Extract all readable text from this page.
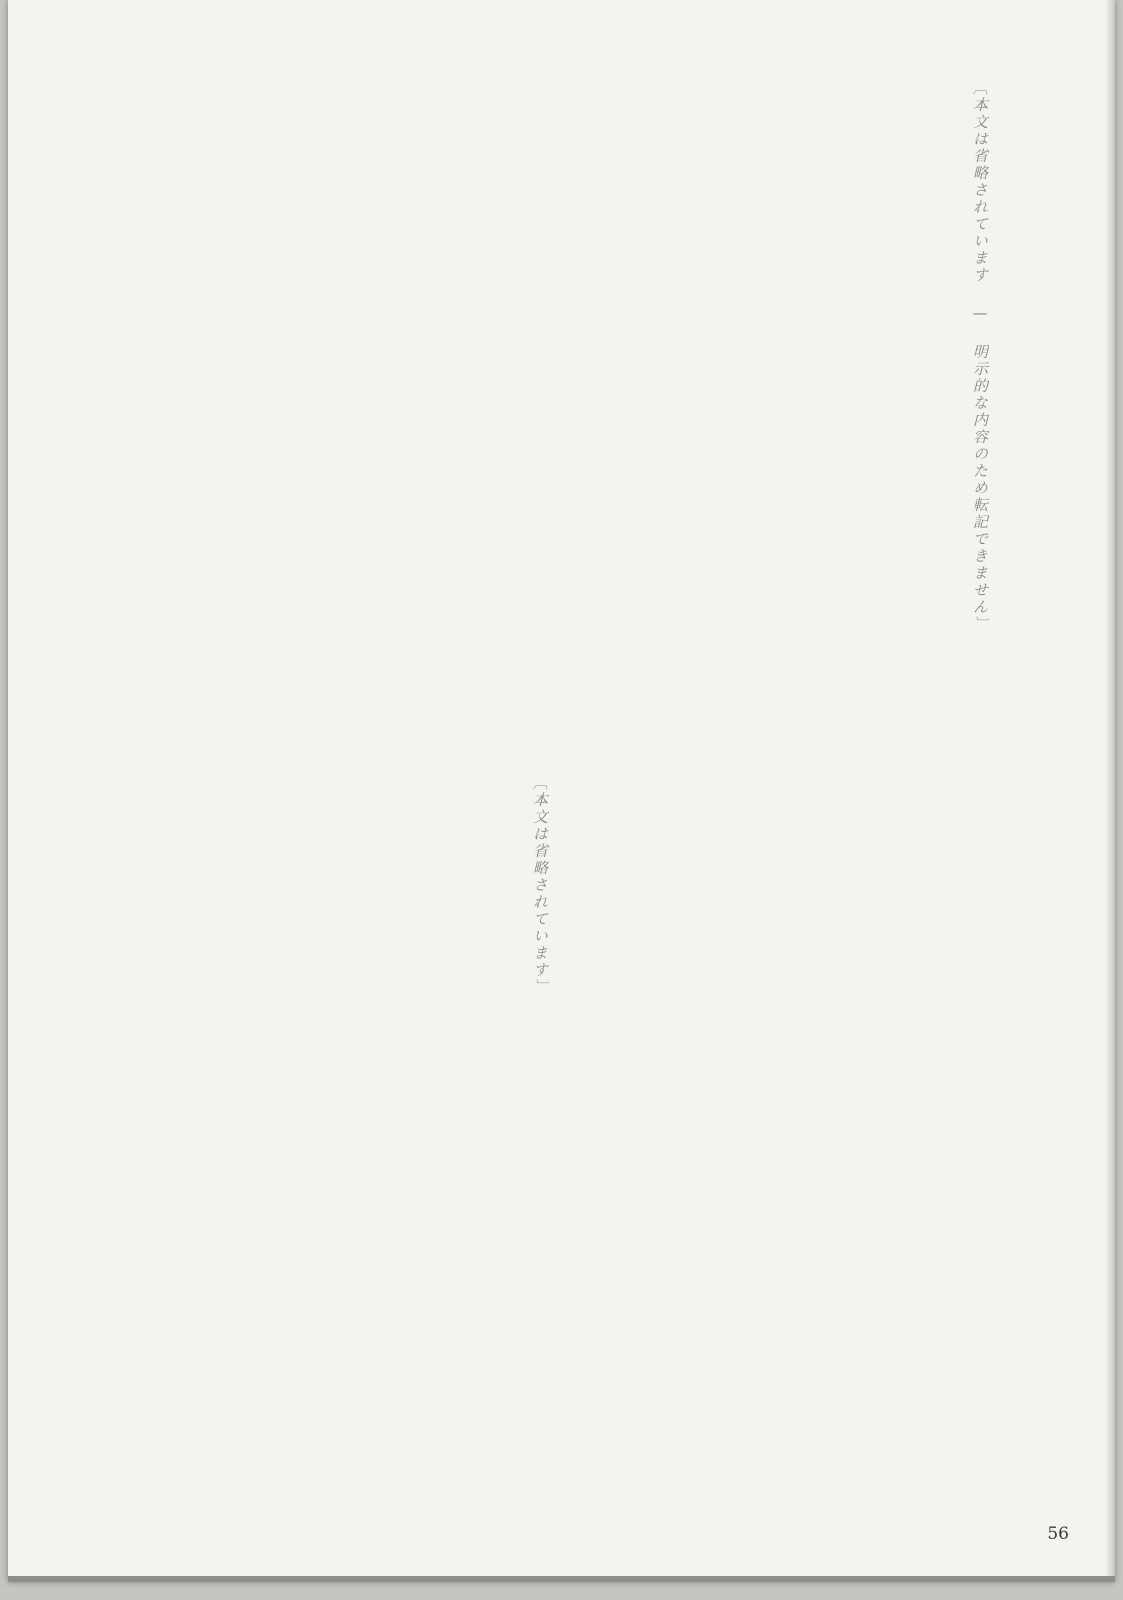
〔本文は省略されています — 明示的な内容のため転記できません〕
〔本文は省略されています〕
56
